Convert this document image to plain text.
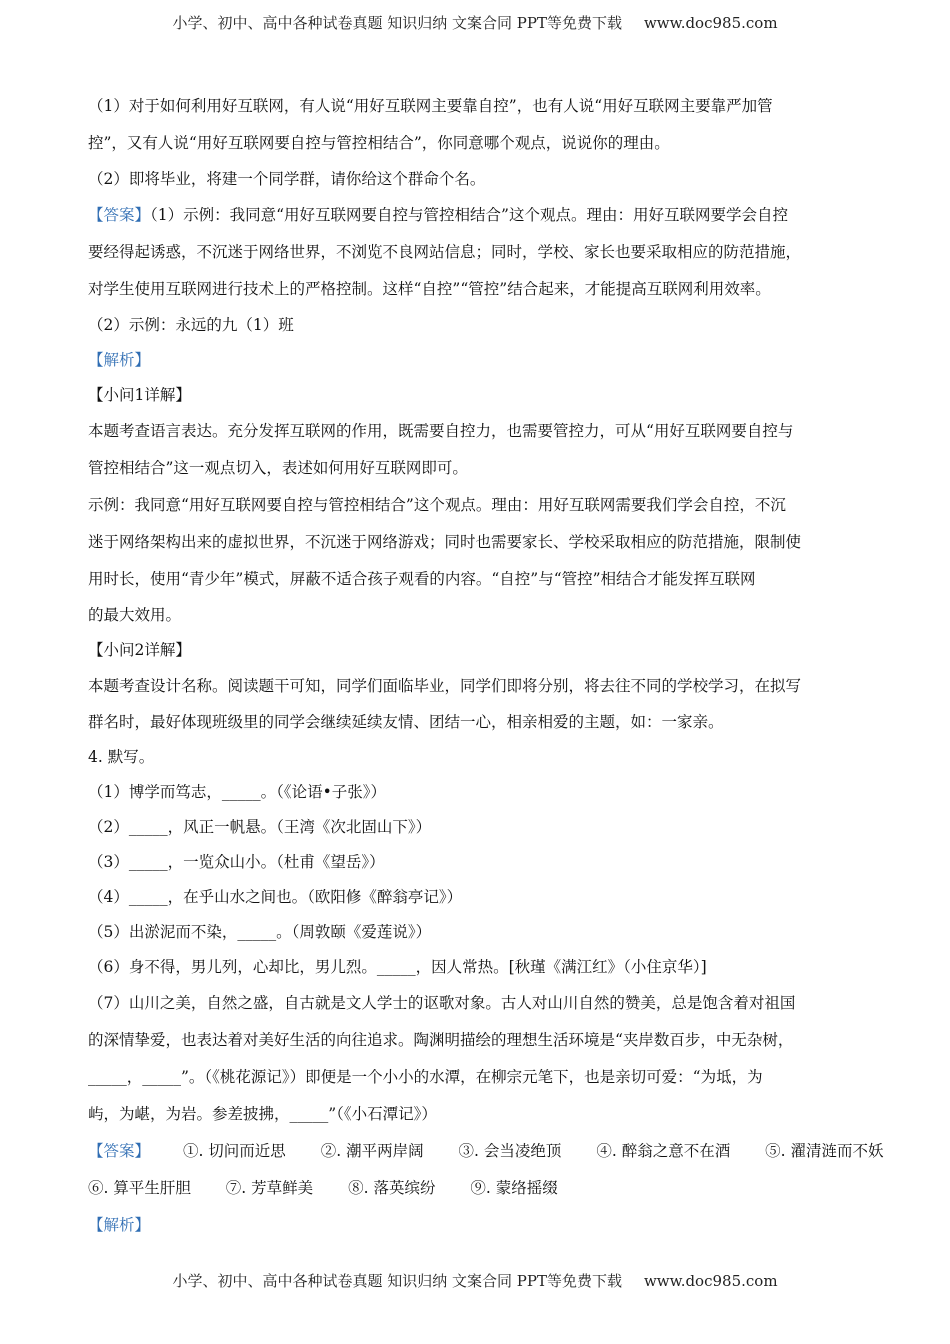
小学、初中、高中各种试卷真题 知识归纳 文案合同 PPT等免费下载 www.doc985.com
（1）对于如何利用好互联网，有人说“用好互联网主要靠自控”，也有人说“用好互联网主要靠严加管
控”，又有人说“用好互联网要自控与管控相结合”，你同意哪个观点，说说你的理由。
（2）即将毕业，将建一个同学群，请你给这个群命个名。
【答案】（1）示例：我同意“用好互联网要自控与管控相结合”这个观点。理由：用好互联网要学会自控
要经得起诱惑，不沉迷于网络世界，不浏览不良网站信息；同时，学校、家长也要采取相应的防范措施，
对学生使用互联网进行技术上的严格控制。这样“自控”“管控”结合起来，才能提高互联网利用效率。
（2）示例：永远的九（1）班
【解析】
【小问1详解】
本题考查语言表达。充分发挥互联网的作用，既需要自控力，也需要管控力，可从“用好互联网要自控与
管控相结合”这一观点切入，表述如何用好互联网即可。
示例：我同意“用好互联网要自控与管控相结合”这个观点。理由：用好互联网需要我们学会自控，不沉
迷于网络架构出来的虚拟世界，不沉迷于网络游戏；同时也需要家长、学校采取相应的防范措施，限制使
用时长，使用“青少年”模式，屏蔽不适合孩子观看的内容。“自控”与“管控”相结合才能发挥互联网
的最大效用。
【小问2详解】
本题考查设计名称。阅读题干可知，同学们面临毕业，同学们即将分别，将去往不同的学校学习，在拟写
群名时，最好体现班级里的同学会继续延续友情、团结一心，相亲相爱的主题，如：一家亲。
4. 默写。
（1）博学而笃志，_____。（《论语•子张》）
（2）_____，风正一帆悬。（王湾《次北固山下》）
（3）_____，一览众山小。（杜甫《望岳》）
（4）_____，在乎山水之间也。（欧阳修《醉翁亭记》）
（5）出淤泥而不染，_____。（周敦颐《爱莲说》）
（6）身不得，男儿列，心却比，男儿烈。_____，因人常热。[秋瑾《满江红》（小住京华）]
（7）山川之美，自然之盛，自古就是文人学士的讴歌对象。古人对山川自然的赞美，总是饱含着对祖国
的深情挚爱，也表达着对美好生活的向往追求。陶渊明描绘的理想生活环境是“夹岸数百步，中无杂树，
_____，_____”。（《桃花源记》）即便是一个小小的水潭，在柳宗元笔下，也是亲切可爱：“为坻，为
屿，为嵁，为岩。参差披拂，_____”（《小石潭记》）
【答案】 ①. 切问而近思 ②. 潮平两岸阔 ③. 会当凌绝顶 ④. 醉翁之意不在酒 ⑤. 濯清涟而不妖
⑥. 算平生肝胆 ⑦. 芳草鲜美 ⑧. 落英缤纷 ⑨. 蒙络摇缀
【解析】
小学、初中、高中各种试卷真题 知识归纳 文案合同 PPT等免费下载 www.doc985.com
